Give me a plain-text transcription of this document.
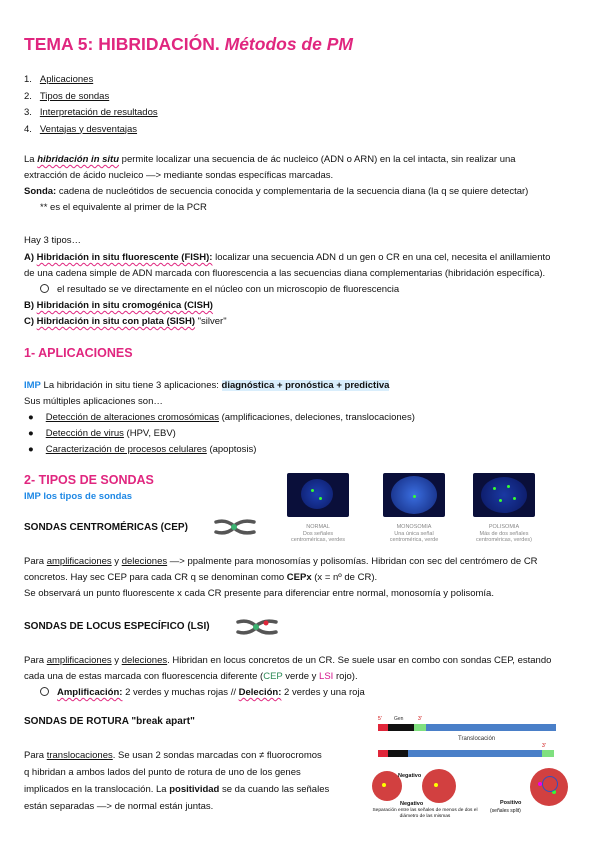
TEMA 5: HIBRIDACIÓN. Métodos de PM
1. Aplicaciones
2. Tipos de sondas
3. Interpretación de resultados
4. Ventajas y desventajas
La hibridación in situ permite localizar una secuencia de ác nucleico (ADN o ARN) en la cel intacta, sin realizar una
extracción de ácido nucleico —> mediante sondas específicas marcadas.
Sonda: cadena de nucleótidos de secuencia conocida y complementaria de la secuencia diana (la q se quiere detectar)
** es el equivalente al primer de la PCR
Hay 3 tipos…
A) Hibridación in situ fluorescente (FISH): localizar una secuencia ADN d un gen o CR en una cel, necesita el anillamiento
de una cadena simple de ADN marcada con fluorescencia a las secuencias diana complementarias (hibridación específica).
el resultado se ve directamente en el núcleo con un microscopio de fluorescencia
B) Hibridación in situ cromogénica (CISH)
C) Hibridación in situ con plata (SISH) "silver"
1- APLICACIONES
IMP La hibridación in situ tiene 3 aplicaciones: diagnóstica + pronóstica + predictiva
Sus múltiples aplicaciones son…
● Detección de alteraciones cromosómicas (amplificaciones, deleciones, translocaciones)
● Detección de virus (HPV, EBV)
● Caracterización de procesos celulares (apoptosis)
2- TIPOS DE SONDAS
IMP los tipos de sondas
NORMAL
Dos señales centroméricas, verdes
MONOSOMIA
Una única señal centromérica, verde
POLISOMIA
Más de dos señales centroméricas, verdes)
SONDAS CENTROMÉRICAS (CEP)
Para amplificaciones y deleciones —> ppalmente para monosomías y polisomías. Hibridan con sec del centrómero de CR
concretos. Hay sec CEP para cada CR q se denominan como CEPx (x = nº de CR).
Se observará un punto fluorescente x cada CR presente para diferenciar entre normal, monosomía y polisomía.
SONDAS DE LOCUS ESPECÍFICO (LSI)
Para amplificaciones y deleciones. Hibridan en locus concretos de un CR. Se suele usar en combo con sondas CEP, estando
cada una de estas marcada con fluorescencia diferente (CEP verde y LSI rojo).
Amplificación: 2 verdes y muchas rojas // Deleción: 2 verdes y una roja
SONDAS DE ROTURA "break apart"
Para translocaciones. Se usan 2 sondas marcadas con ≠ fluorocromos
q hibridan a ambos lados del punto de rotura de uno de los genes
implicados en la translocación. La positividad se da cuando las señales
están separadas —> de normal están juntas.
5' Gen	3'
Translocación
3'
Negativo
Negativo
Separación entre las señales de menos de dos el diámetro de las mismas
Positivo
(señales split)
